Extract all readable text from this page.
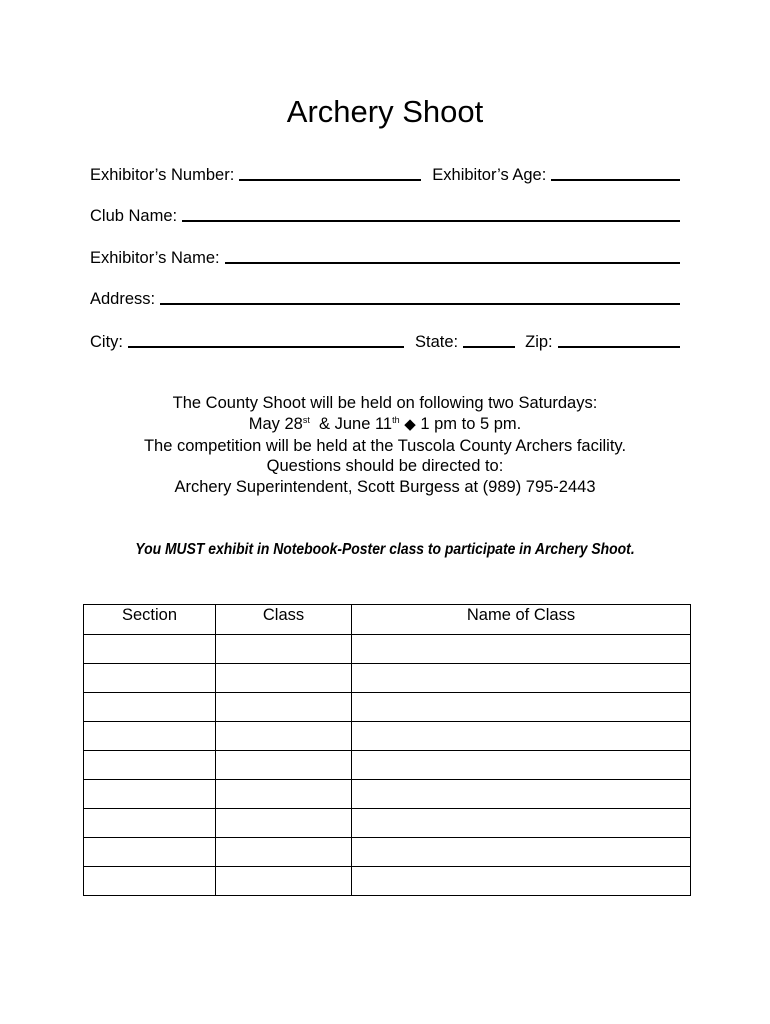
Archery Shoot
Exhibitor’s Number:	Exhibitor’s Age:
Club Name:
Exhibitor’s Name:
Address:
City:	State:	Zip:
The County Shoot will be held on following two Saturdays:
May 28st & June 11th ◆ 1 pm to 5 pm.
The competition will be held at the Tuscola County Archers facility.
Questions should be directed to:
Archery Superintendent, Scott Burgess at (989) 795-2443
You MUST exhibit in Notebook-Poster class to participate in Archery Shoot.
Section	Class	Name of Class
